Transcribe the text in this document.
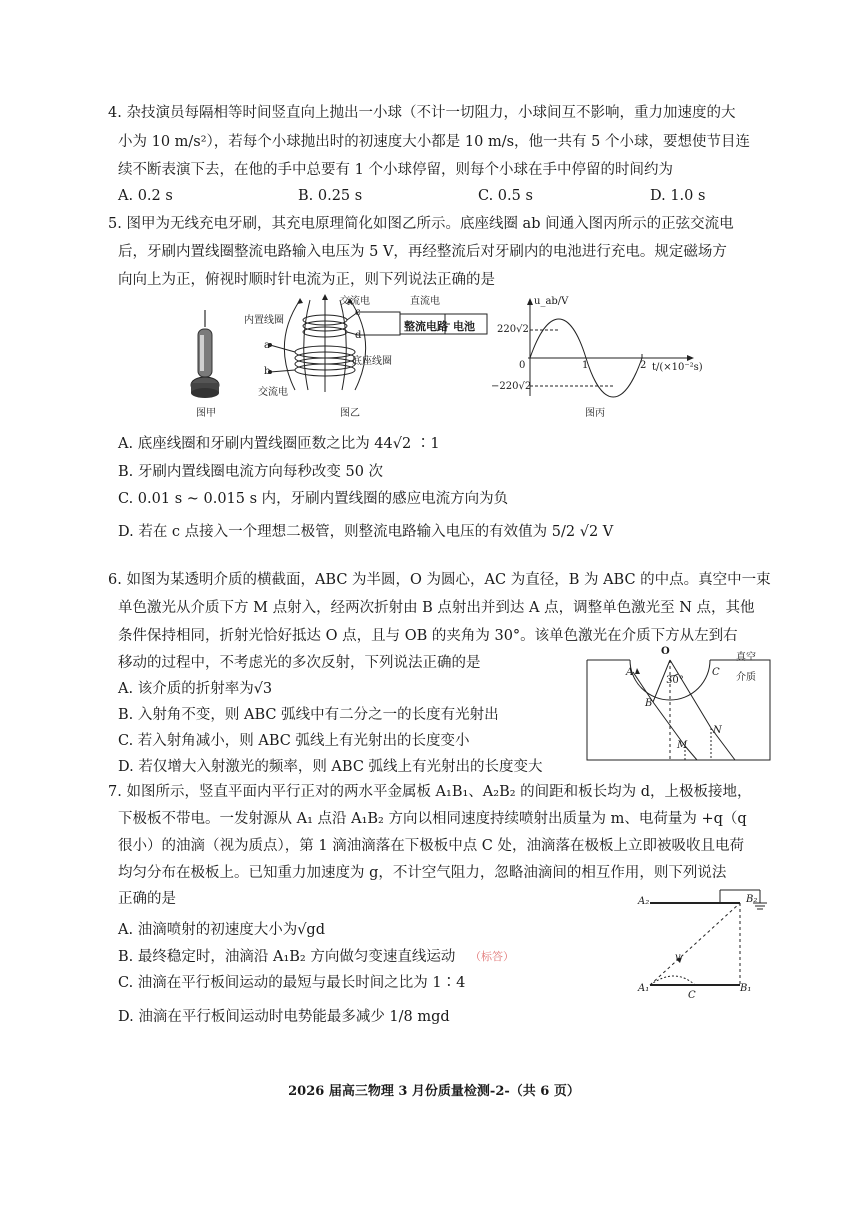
4. 杂技演员每隔相等时间竖直向上抛出一小球（不计一切阻力，小球间互不影响，重力加速度的大
小为 10 m/s²），若每个小球抛出时的初速度大小都是 10 m/s，他一共有 5 个小球，要想使节目连
续不断表演下去，在他的手中总要有 1 个小球停留，则每个小球在手中停留的时间约为
A. 0.2 s	B. 0.25 s	C. 0.5 s	D. 1.0 s
5. 图甲为无线充电牙刷，其充电原理简化如图乙所示。底座线圈 ab 间通入图丙所示的正弦交流电
后，牙刷内置线圈整流电路输入电压为 5 V，再经整流后对牙刷内的电池进行充电。规定磁场方
向向上为正，俯视时顺时针电流为正，则下列说法正确的是
图甲
交流电	直流电
内置线圈
c
d
整流电路 电池
a
b
底座线圈
交流电
图乙
u_ab/V
220√2
0	1	2 t/(×10⁻²s)
−220√2
图丙
A. 底座线圈和牙刷内置线圈匝数之比为 44√2 ∶1
B. 牙刷内置线圈电流方向每秒改变 50 次
C. 0.01 s ~ 0.015 s 内，牙刷内置线圈的感应电流方向为负
D. 若在 c 点接入一个理想二极管，则整流电路输入电压的有效值为 5/2 √2 V
6. 如图为某透明介质的横截面，ABC 为半圆，O 为圆心，AC 为直径，B 为 ABC 的中点。真空中一束
单色激光从介质下方 M 点射入，经两次折射由 B 点射出并到达 A 点，调整单色激光至 N 点，其他
条件保持相同，折射光恰好抵达 O 点，且与 OB 的夹角为 30°。该单色激光在介质下方从左到右
移动的过程中，不考虑光的多次反射，下列说法正确的是
A. 该介质的折射率为√3
B. 入射角不变，则 ABC 弧线中有二分之一的长度有光射出
C. 若入射角减小，则 ABC 弧线上有光射出的长度变小
D. 若仅增大入射激光的频率，则 ABC 弧线上有光射出的长度变大
O
真空
A
30°
C 介质
B
N
M
7. 如图所示，竖直平面内平行正对的两水平金属板 A₁B₁、A₂B₂ 的间距和板长均为 d，上极板接地，
下极板不带电。一发射源从 A₁ 点沿 A₁B₂ 方向以相同速度持续喷射出质量为 m、电荷量为 +q（q
很小）的油滴（视为质点），第 1 滴油滴落在下极板中点 C 处，油滴落在极板上立即被吸收且电荷
均匀分布在极板上。已知重力加速度为 g，不计空气阻力，忽略油滴间的相互作用，则下列说法
正确的是
A. 油滴喷射的初速度大小为√gd
B. 最终稳定时，油滴沿 A₁B₂ 方向做匀变速直线运动 （标答）
C. 油滴在平行板间运动的最短与最长时间之比为 1∶4
D. 油滴在平行板间运动时电势能最多减少 1/8 mgd
A₂	B₂
v
A₁
C
B₁
2026 届高三物理 3 月份质量检测-2-（共 6 页）
